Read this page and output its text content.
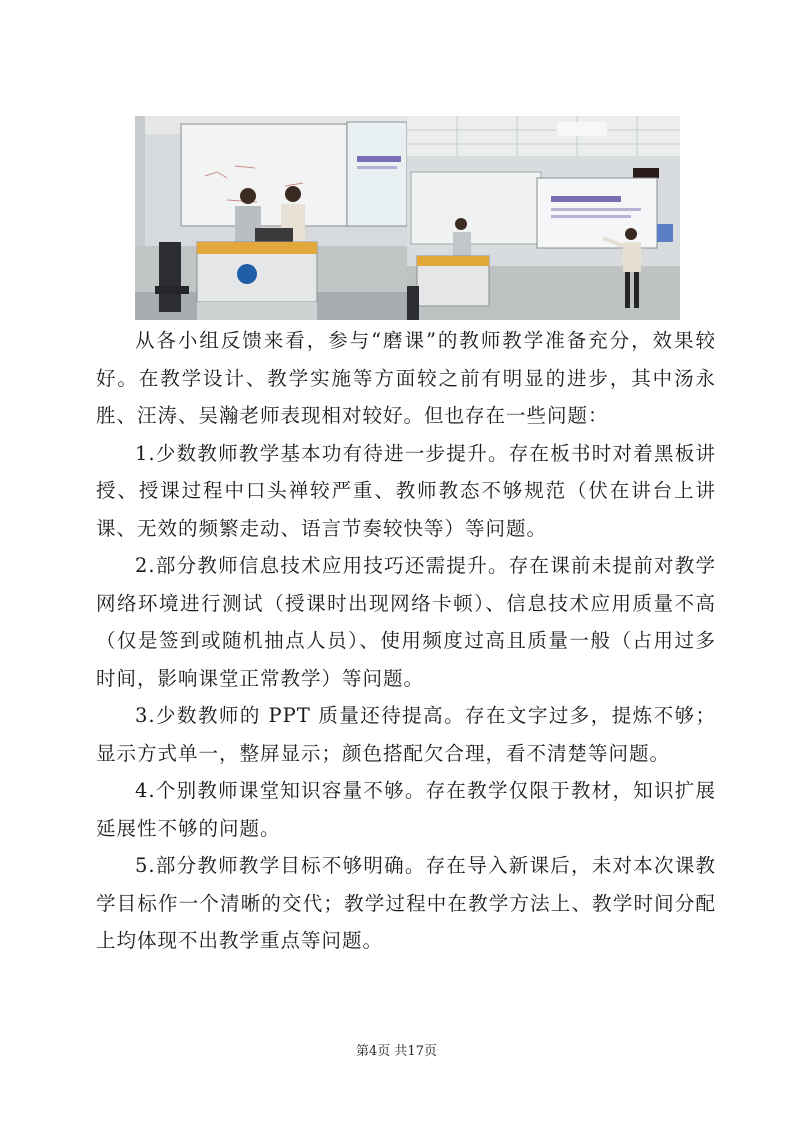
从各小组反馈来看，参与“磨课”的教师教学准备充分，效果较好。在教学设计、教学实施等方面较之前有明显的进步，其中汤永胜、汪涛、吴瀚老师表现相对较好。但也存在一些问题：

1.少数教师教学基本功有待进一步提升。存在板书时对着黑板讲授、授课过程中口头禅较严重、教师教态不够规范（伏在讲台上讲课、无效的频繁走动、语言节奏较快等）等问题。

2.部分教师信息技术应用技巧还需提升。存在课前未提前对教学网络环境进行测试（授课时出现网络卡顿）、信息技术应用质量不高（仅是签到或随机抽点人员）、使用频度过高且质量一般（占用过多时间，影响课堂正常教学）等问题。

3.少数教师的 PPT 质量还待提高。存在文字过多，提炼不够；显示方式单一，整屏显示；颜色搭配欠合理，看不清楚等问题。

4.个别教师课堂知识容量不够。存在教学仅限于教材，知识扩展延展性不够的问题。

5.部分教师教学目标不够明确。存在导入新课后，未对本次课教学目标作一个清晰的交代；教学过程中在教学方法上、教学时间分配上均体现不出教学重点等问题。

第4页 共17页
